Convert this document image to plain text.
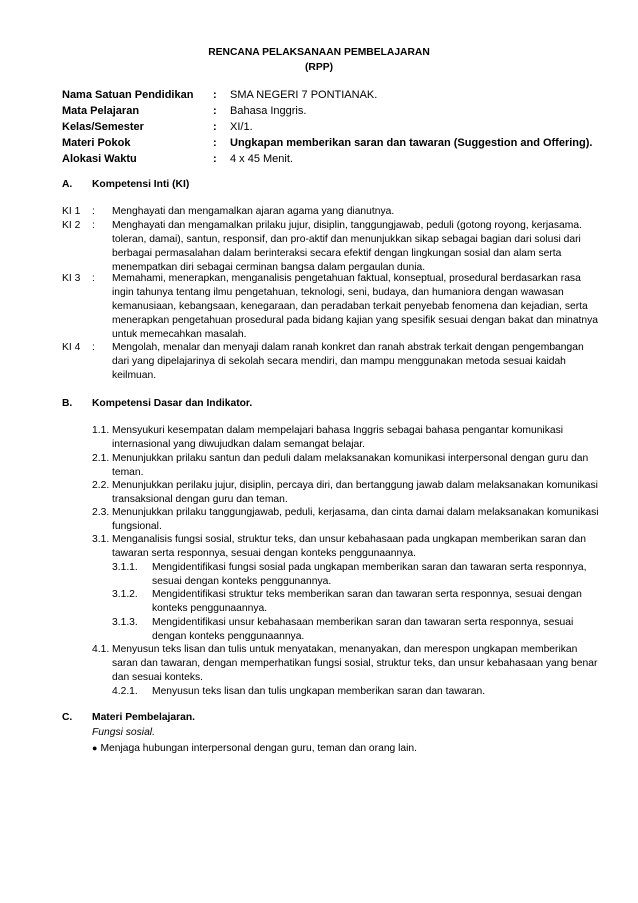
RENCANA PELAKSANAAN PEMBELAJARAN
(RPP)
Nama Satuan Pendidikan : SMA NEGERI 7 PONTIANAK.
Mata Pelajaran	: Bahasa Inggris.
Kelas/Semester	: XI/1.
Materi Pokok	: Ungkapan memberikan saran dan tawaran (Suggestion and Offering).
Alokasi Waktu	: 4 x 45 Menit.
A. Kompetensi Inti (KI)
KI 1 : Menghayati dan mengamalkan ajaran agama yang dianutnya.
KI 2 : Menghayati dan mengamalkan prilaku jujur, disiplin, tanggungjawab, peduli (gotong royong, kerjasama.
toleran, damai), santun, responsif, dan pro-aktif dan menunjukkan sikap sebagai bagian dari solusi dari
berbagai permasalahan dalam berinteraksi secara efektif dengan lingkungan sosial dan alam serta
menempatkan diri sebagai cerminan bangsa dalam pergaulan dunia.
KI 3 : Memahami, menerapkan, menganalisis pengetahuan faktual, konseptual, prosedural berdasarkan rasa
ingin tahunya tentang ilmu pengetahuan, teknologi, seni, budaya, dan humaniora dengan wawasan
kemanusiaan, kebangsaan, kenegaraan, dan peradaban terkait penyebab fenomena dan kejadian, serta
menerapkan pengetahuan prosedural pada bidang kajian yang spesifik sesuai dengan bakat dan minatnya
untuk memecahkan masalah.
KI 4 : Mengolah, menalar dan menyaji dalam ranah konkret dan ranah abstrak terkait dengan pengembangan
dari yang dipelajarinya di sekolah secara mendiri, dan mampu menggunakan metoda sesuai kaidah
keilmuan.
B. Kompetensi Dasar dan Indikator.
1.1. Mensyukuri kesempatan dalam mempelajari bahasa Inggris sebagai bahasa pengantar komunikasi
internasional yang diwujudkan dalam semangat belajar.
2.1. Menunjukkan prilaku santun dan peduli dalam melaksanakan komunikasi interpersonal dengan guru dan
teman.
2.2. Menunjukkan perilaku jujur, disiplin, percaya diri, dan bertanggung jawab dalam melaksanakan komunikasi
transaksional dengan guru dan teman.
2.3. Menunjukkan prilaku tanggungjawab, peduli, kerjasama, dan cinta damai dalam melaksanakan komunikasi
fungsional.
3.1. Menganalisis fungsi sosial, struktur teks, dan unsur kebahasaan pada ungkapan memberikan saran dan
tawaran serta responnya, sesuai dengan konteks penggunaannya.
3.1.1. Mengidentifikasi fungsi sosial pada ungkapan memberikan saran dan tawaran serta responnya,
sesuai dengan konteks penggunannya.
3.1.2. Mengidentifikasi struktur teks memberikan saran dan tawaran serta responnya, sesuai dengan
konteks penggunaannya.
3.1.3. Mengidentifikasi unsur kebahasaan memberikan saran dan tawaran serta responnya, sesuai
dengan konteks penggunaannya.
4.1. Menyusun teks lisan dan tulis untuk menyatakan, menanyakan, dan merespon ungkapan memberikan
saran dan tawaran, dengan memperhatikan fungsi sosial, struktur teks, dan unsur kebahasaan yang benar
dan sesuai konteks.
4.2.1. Menyusun teks lisan dan tulis ungkapan memberikan saran dan tawaran.
C. Materi Pembelajaran.
Fungsi sosial.
● Menjaga hubungan interpersonal dengan guru, teman dan orang lain.
